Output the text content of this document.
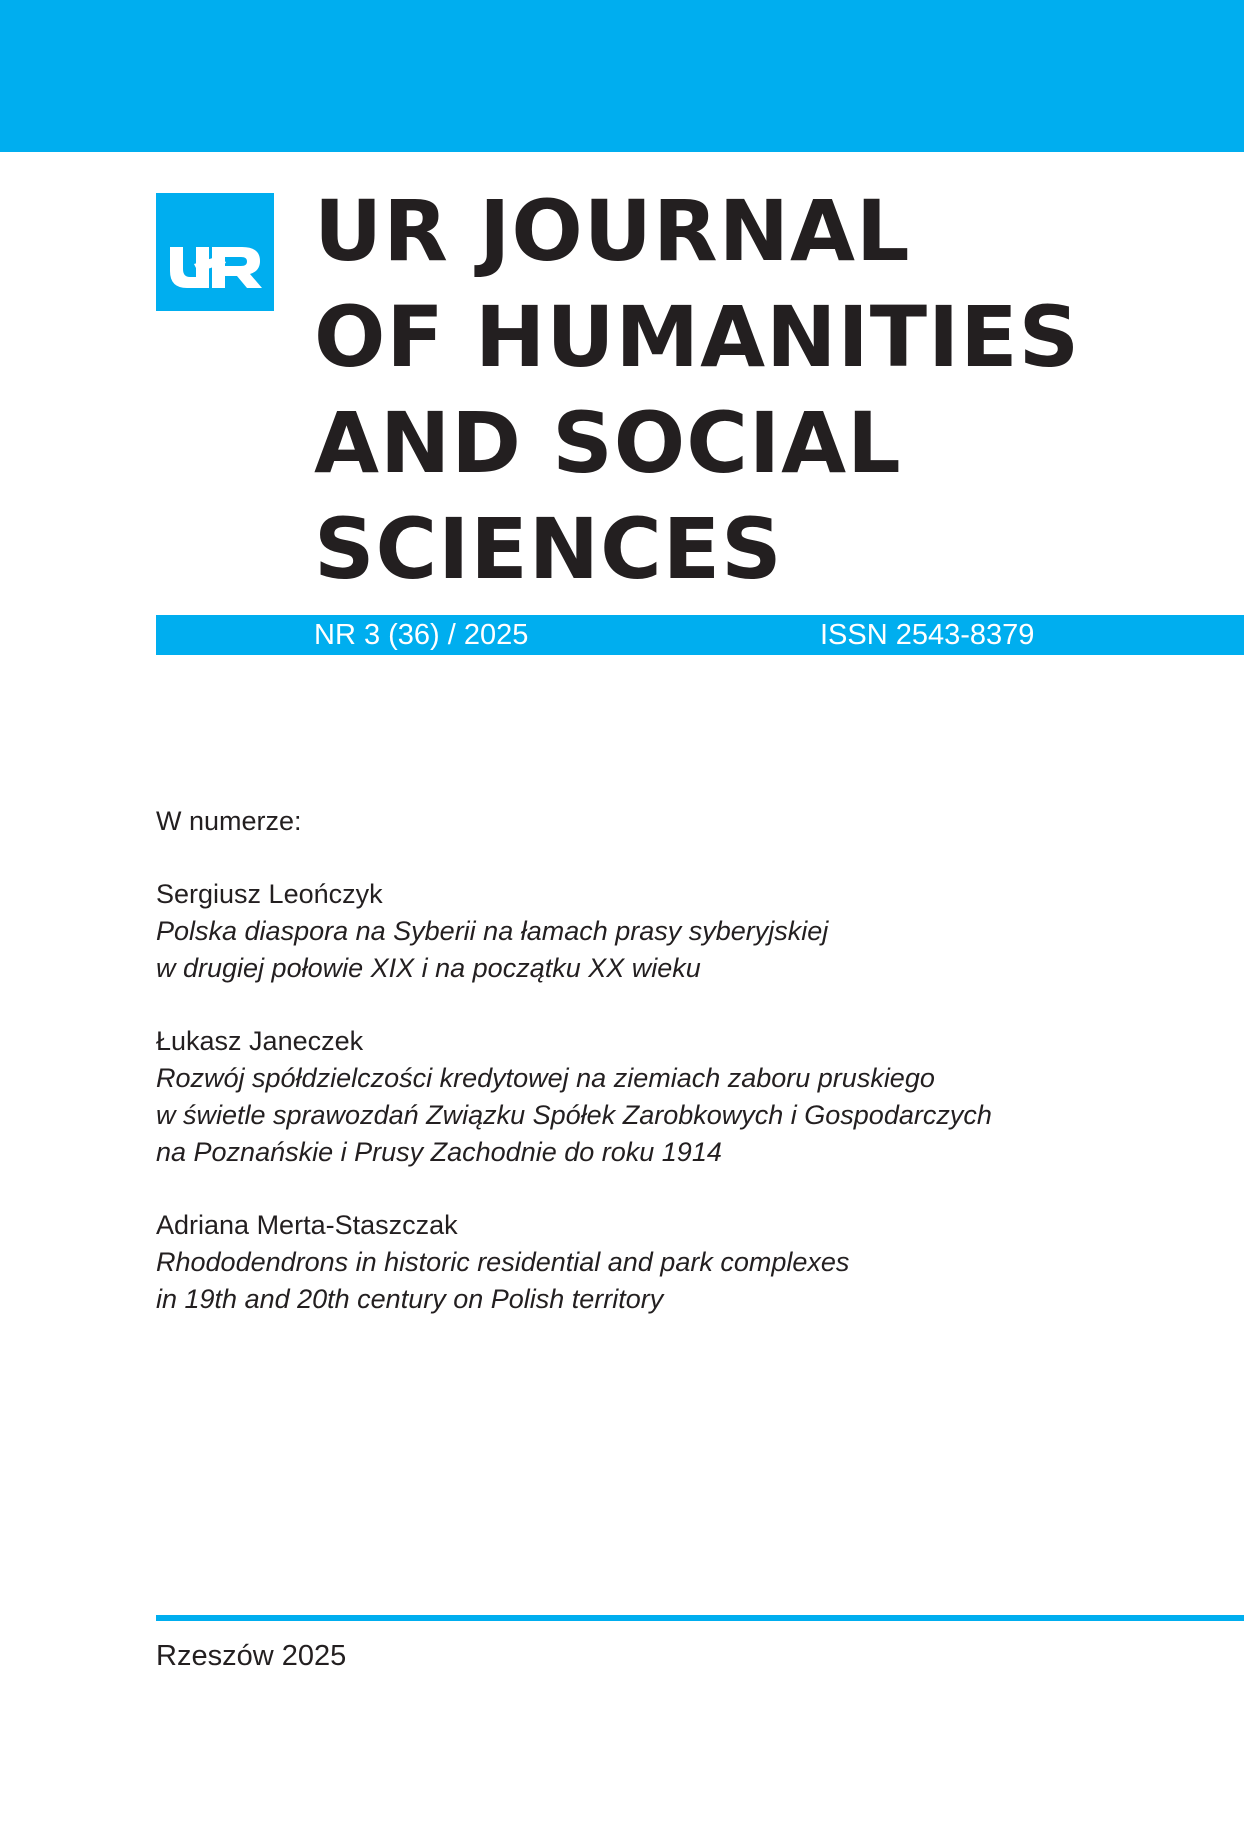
UR JOURNAL
OF HUMANITIES
AND SOCIAL
SCIENCES
NR 3 (36) / 2025	ISSN 2543-8379

W numerze:

Sergiusz Leończyk
Polska diaspora na Syberii na łamach prasy syberyjskiej
w drugiej połowie XIX i na początku XX wieku
Łukasz Janeczek
Rozwój spółdzielczości kredytowej na ziemiach zaboru pruskiego
w świetle sprawozdań Związku Spółek Zarobkowych i Gospodarczych
na Poznańskie i Prusy Zachodnie do roku 1914
Adriana Merta-Staszczak
Rhododendrons in historic residential and park complexes
in 19th and 20th century on Polish territory
Rzeszów 2025
